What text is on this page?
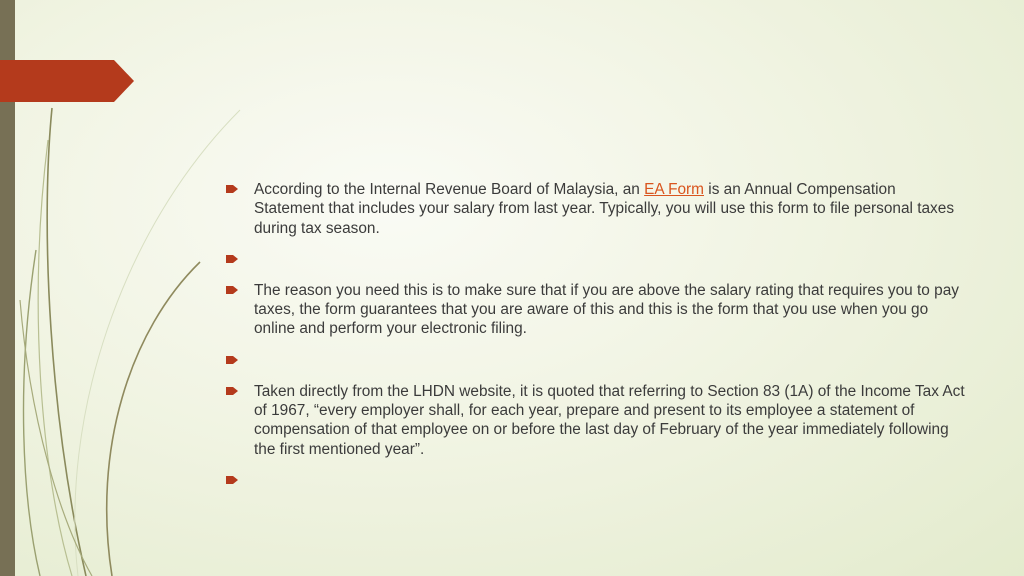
According to the Internal Revenue Board of Malaysia, an EA Form is an Annual Compensation Statement that includes your salary from last year. Typically, you will use this form to file personal taxes during tax season.

The reason you need this is to make sure that if you are above the salary rating that requires you to pay taxes, the form guarantees that you are aware of this and this is the form that you use when you go online and perform your electronic filing.

Taken directly from the LHDN website, it is quoted that referring to Section 83 (1A) of the Income Tax Act of 1967, “every employer shall, for each year, prepare and present to its employee a statement of compensation of that employee on or before the last day of February of the year immediately following the first mentioned year”.
